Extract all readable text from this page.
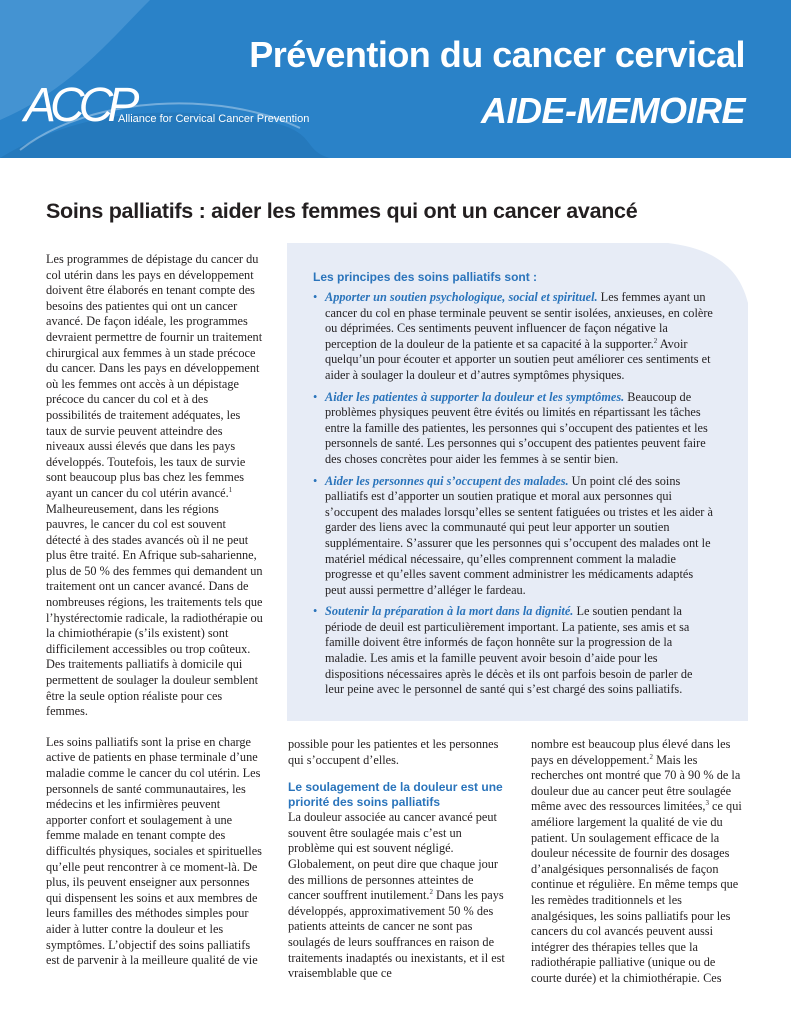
ACCP
Alliance for Cervical Cancer Prevention
Prévention du cancer cervical
AIDE-MEMOIRE
Soins palliatifs : aider les femmes qui ont un cancer avancé

Les programmes de dépistage du cancer du col utérin dans les pays en développement doivent être élaborés en tenant compte des besoins des patientes qui ont un cancer avancé. De façon idéale, les programmes devraient permettre de fournir un traitement chirurgical aux femmes à un stade précoce du cancer. Dans les pays en développement où les femmes ont accès à un dépistage précoce du cancer du col et à des possibilités de traitement adéquates, les taux de survie peuvent atteindre des niveaux aussi élevés que dans les pays développés. Toutefois, les taux de survie sont beaucoup plus bas chez les femmes ayant un cancer du col utérin avancé.$^1$ Malheureusement, dans les régions pauvres, le cancer du col est souvent détecté à des stades avancés où il ne peut plus être traité. En Afrique sub-saharienne, plus de 50 % des femmes qui demandent un traitement ont un cancer avancé. Dans de nombreuses régions, les traitements tels que l’hystérectomie radicale, la radiothérapie ou la chimiothérapie (s’ils existent) sont difficilement accessibles ou trop coûteux. Des traitements palliatifs à domicile qui permettent de soulager la douleur semblent être la seule option réaliste pour ces femmes.

Les soins palliatifs sont la prise en charge active de patients en phase terminale d’une maladie comme le cancer du col utérin. Les personnels de santé communautaires, les médecins et les infirmières peuvent apporter confort et soulagement à une femme malade en tenant compte des difficultés physiques, sociales et spirituelles qu’elle peut rencontrer à ce moment-là. De plus, ils peuvent enseigner aux personnes qui dispensent les soins et aux membres de leurs familles des méthodes simples pour aider à lutter contre la douleur et les symptômes. L’objectif des soins palliatifs est de parvenir à la meilleure qualité de vie

Les principes des soins palliatifs sont :
• Apporter un soutien psychologique, social et spirituel. Les femmes ayant un cancer du col en phase terminale peuvent se sentir isolées, anxieuses, en colère ou déprimées. Ces sentiments peuvent influencer de façon négative la perception de la douleur de la patiente et sa capacité à la supporter.$^2$ Avoir quelqu’un pour écouter et apporter un soutien peut améliorer ces sentiments et aider à soulager la douleur et d’autres symptômes physiques.
• Aider les patientes à supporter la douleur et les symptômes. Beaucoup de problèmes physiques peuvent être évités ou limités en répartissant les tâches entre la famille des patientes, les personnes qui s’occupent des patientes et les personnels de santé. Les personnes qui s’occupent des patientes peuvent faire des choses concrètes pour aider les femmes à se sentir bien.
• Aider les personnes qui s’occupent des malades. Un point clé des soins palliatifs est d’apporter un soutien pratique et moral aux personnes qui s’occupent des malades lorsqu’elles se sentent fatiguées ou tristes et les aider à garder des liens avec la communauté qui peut leur apporter un soutien supplémentaire. S’assurer que les personnes qui s’occupent des malades ont le matériel médical nécessaire, qu’elles comprennent comment la maladie progresse et qu’elles savent comment administrer les médicaments adaptés peut aussi permettre d’alléger le fardeau.
• Soutenir la préparation à la mort dans la dignité. Le soutien pendant la période de deuil est particulièrement important. La patiente, ses amis et sa famille doivent être informés de façon honnête sur la progression de la maladie. Les amis et la famille peuvent avoir besoin d’aide pour les dispositions nécessaires après le décès et ils ont parfois besoin de parler de leur peine avec le personnel de santé qui s’est chargé des soins palliatifs.

possible pour les patientes et les personnes qui s’occupent d’elles.

Le soulagement de la douleur est une priorité des soins palliatifs

La douleur associée au cancer avancé peut souvent être soulagée mais c’est un problème qui est souvent négligé. Globalement, on peut dire que chaque jour des millions de personnes atteintes de cancer souffrent inutilement.$^2$ Dans les pays développés, approximativement 50 % des patients atteints de cancer ne sont pas soulagés de leurs souffrances en raison de traitements inadaptés ou inexistants, et il est vraisemblable que ce

nombre est beaucoup plus élevé dans les pays en développement.$^2$ Mais les recherches ont montré que 70 à 90 % de la douleur due au cancer peut être soulagée même avec des ressources limitées,$^3$ ce qui améliore largement la qualité de vie du patient. Un soulagement efficace de la douleur nécessite de fournir des dosages d’analgésiques personnalisés de façon continue et régulière. En même temps que les remèdes traditionnels et les analgésiques, les soins palliatifs pour les cancers du col avancés peuvent aussi intégrer des thérapies telles que la radiothérapie palliative (unique ou de courte durée) et la chimiothérapie. Ces
